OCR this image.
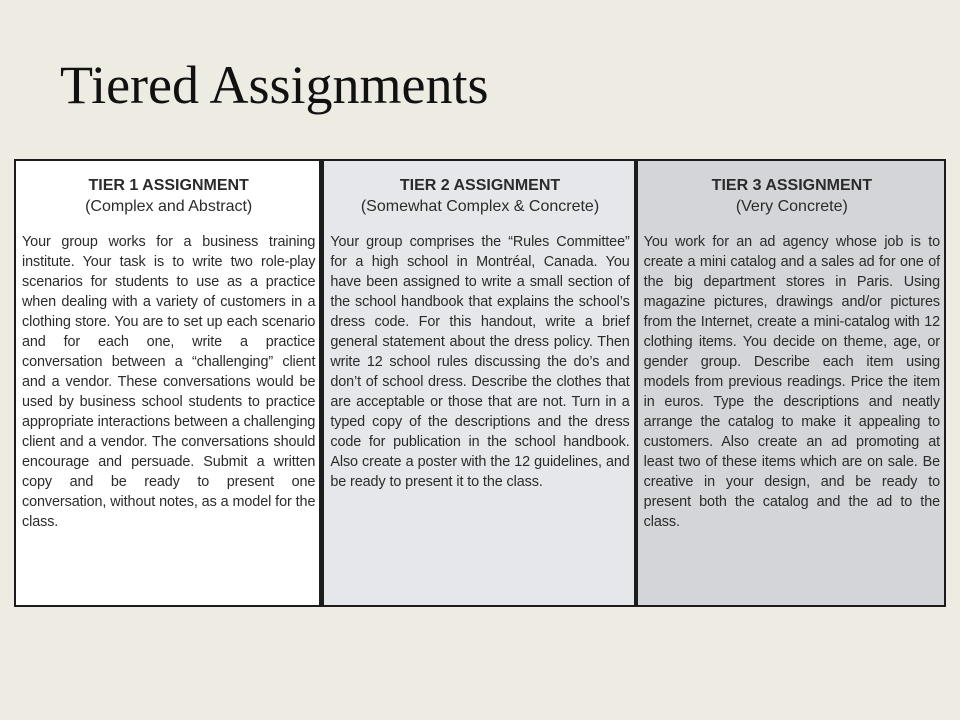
Tiered Assignments

TIER 1 ASSIGNMENT

(Complex and Abstract)

Your group works for a business training institute. Your task is to write two role-play scenarios for students to use as a practice when dealing with a variety of customers in a clothing store. You are to set up each scenario and for each one, write a practice conversation between a “challenging” client and a vendor. These conversations would be used by business school students to practice appropriate interactions between a challenging client and a vendor. The conversations should encourage and persuade. Submit a written copy and be ready to present one conversation, without notes, as a model for the class.

TIER 2 ASSIGNMENT

(Somewhat Complex & Concrete)

Your group comprises the “Rules Committee” for a high school in Montréal, Canada. You have been assigned to write a small section of the school handbook that explains the school’s dress code. For this handout, write a brief general statement about the dress policy. Then write 12 school rules discussing the do’s and don’t of school dress. Describe the clothes that are acceptable or those that are not. Turn in a typed copy of the descriptions and the dress code for publication in the school handbook. Also create a poster with the 12 guidelines, and be ready to present it to the class.

TIER 3 ASSIGNMENT

(Very Concrete)

You work for an ad agency whose job is to create a mini catalog and a sales ad for one of the big department stores in Paris. Using magazine pictures, drawings and/or pictures from the Internet, create a mini-catalog with 12 clothing items. You decide on theme, age, or gender group. Describe each item using models from previous readings. Price the item in euros. Type the descriptions and neatly arrange the catalog to make it appealing to customers. Also create an ad promoting at least two of these items which are on sale. Be creative in your design, and be ready to present both the catalog and the ad to the class.
